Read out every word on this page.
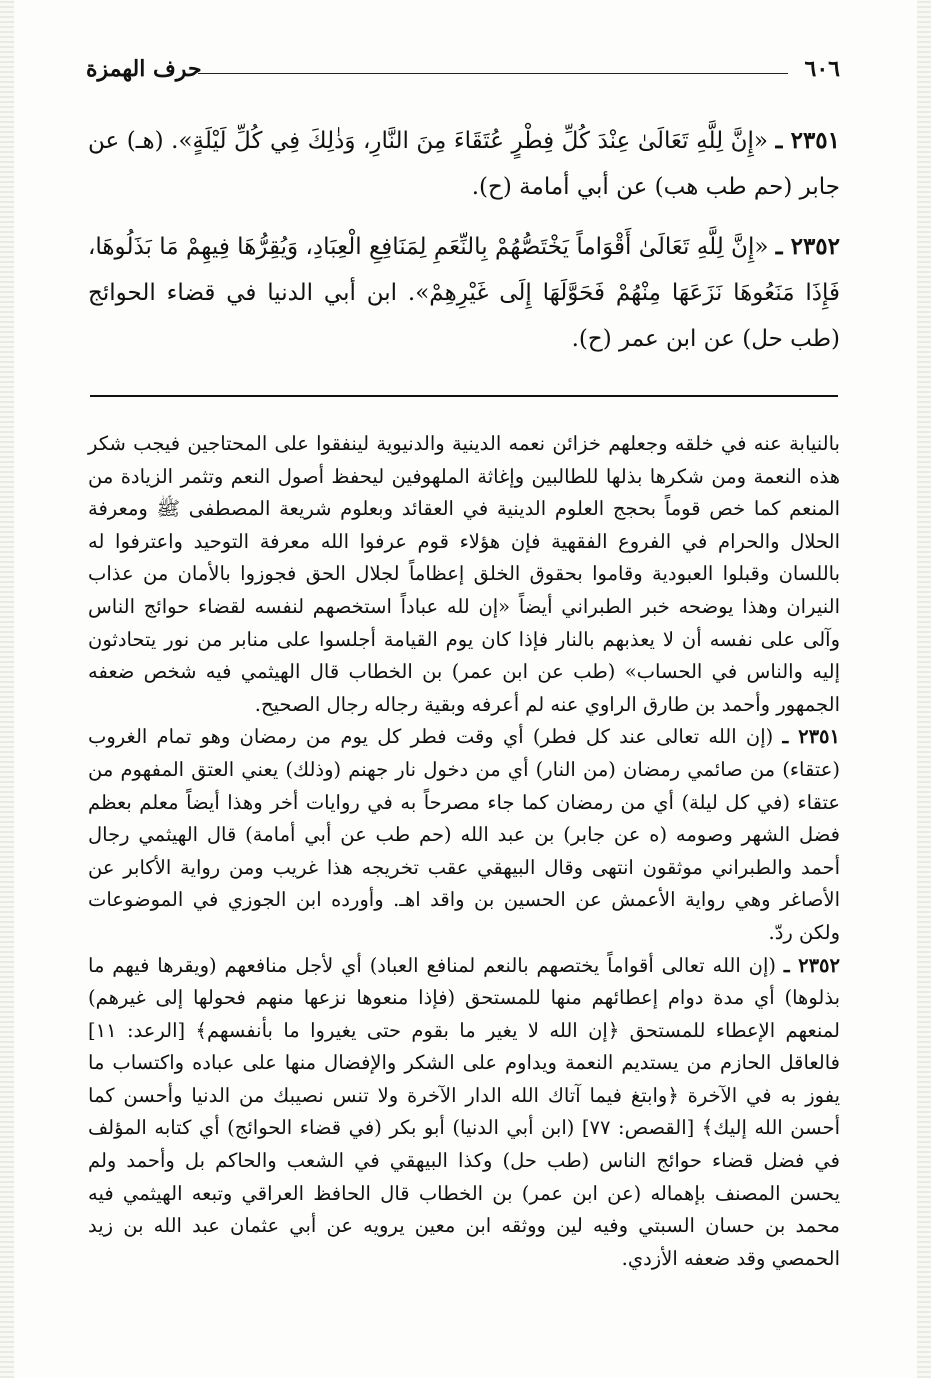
٦٠٦
حرف الهمزة
٢٣٥١ ـ «إِنَّ لِلَّهِ تَعَالَىٰ عِنْدَ كُلِّ فِطْرٍ عُتَقَاءَ مِنَ النَّارِ، وَذٰلِكَ فِي كُلِّ لَيْلَةٍ». (هـ) عن جابر (حم طب هب) عن أبي أمامة (ح).
٢٣٥٢ ـ «إِنَّ لِلَّهِ تَعَالَىٰ أَقْوَاماً يَخْتَصُّهُمْ بِالنِّعَمِ لِمَنَافِعِ الْعِبَادِ، وَيُقِرُّهَا فِيهِمْ مَا بَذَلُوهَا، فَإِذَا مَنَعُوهَا نَزَعَهَا مِنْهُمْ فَحَوَّلَهَا إِلَى غَيْرِهِمْ». ابن أبي الدنيا في قضاء الحوائج (طب حل) عن ابن عمر (ح).

بالنيابة عنه في خلقه وجعلهم خزائن نعمه الدينية والدنيوية لينفقوا على المحتاجين فيجب شكر هذه النعمة ومن شكرها بذلها للطالبين وإغاثة الملهوفين ليحفظ أصول النعم وتثمر الزيادة من المنعم كما خص قوماً بحجج العلوم الدينية في العقائد وبعلوم شريعة المصطفى ﷺ ومعرفة الحلال والحرام في الفروع الفقهية فإن هؤلاء قوم عرفوا الله معرفة التوحيد واعترفوا له باللسان وقبلوا العبودية وقاموا بحقوق الخلق إعظاماً لجلال الحق فجوزوا بالأمان من عذاب النيران وهذا يوضحه خبر الطبراني أيضاً «إن لله عباداً استخصهم لنفسه لقضاء حوائج الناس وآلى على نفسه أن لا يعذبهم بالنار فإذا كان يوم القيامة أجلسوا على منابر من نور يتحادثون إليه والناس في الحساب» (طب عن ابن عمر) بن الخطاب قال الهيثمي فيه شخص ضعفه الجمهور وأحمد بن طارق الراوي عنه لم أعرفه وبقية رجاله رجال الصحيح.

٢٣٥١ ـ (إن الله تعالى عند كل فطر) أي وقت فطر كل يوم من رمضان وهو تمام الغروب (عتقاء) من صائمي رمضان (من النار) أي من دخول نار جهنم (وذلك) يعني العتق المفهوم من عتقاء (في كل ليلة) أي من رمضان كما جاء مصرحاً به في روايات أخر وهذا أيضاً معلم بعظم فضل الشهر وصومه (ه عن جابر) بن عبد الله (حم طب عن أبي أمامة) قال الهيثمي رجال أحمد والطبراني موثقون انتهى وقال البيهقي عقب تخريجه هذا غريب ومن رواية الأكابر عن الأصاغر وهي رواية الأعمش عن الحسين بن واقد اهـ. وأورده ابن الجوزي في الموضوعات ولكن ردّ.

٢٣٥٢ ـ (إن الله تعالى أقواماً يختصهم بالنعم لمنافع العباد) أي لأجل منافعهم (ويقرها فيهم ما بذلوها) أي مدة دوام إعطائهم منها للمستحق (فإذا منعوها نزعها منهم فحولها إلى غيرهم) لمنعهم الإعطاء للمستحق ﴿إن الله لا يغير ما بقوم حتى يغيروا ما بأنفسهم﴾ [الرعد: ١١] فالعاقل الحازم من يستديم النعمة ويداوم على الشكر والإفضال منها على عباده واكتساب ما يفوز به في الآخرة ﴿وابتغ فيما آتاك الله الدار الآخرة ولا تنس نصيبك من الدنيا وأحسن كما أحسن الله إليك﴾ [القصص: ٧٧] (ابن أبي الدنيا) أبو بكر (في قضاء الحوائج) أي كتابه المؤلف في فضل قضاء حوائج الناس (طب حل) وكذا البيهقي في الشعب والحاكم بل وأحمد ولم يحسن المصنف بإهماله (عن ابن عمر) بن الخطاب قال الحافظ العراقي وتبعه الهيثمي فيه محمد بن حسان السبتي وفيه لين ووثقه ابن معين يرويه عن أبي عثمان عبد الله بن زيد الحمصي وقد ضعفه الأزدي.
